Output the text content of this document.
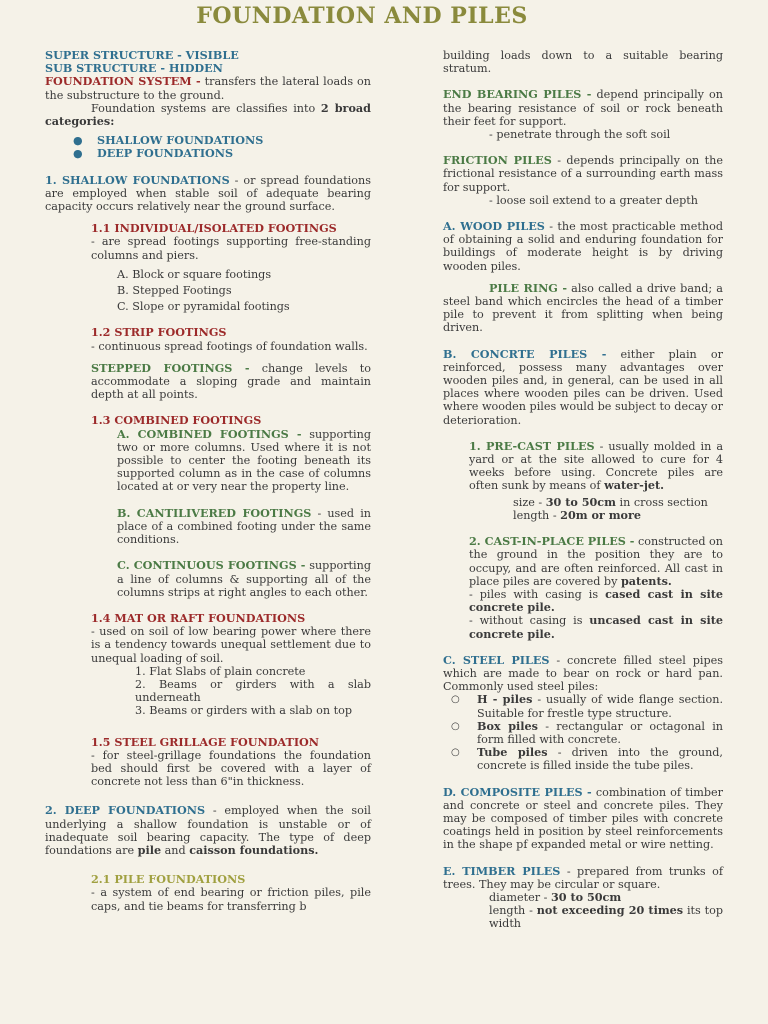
FOUNDATION AND PILES

SUPER STRUCTURE - VISIBLE

SUB STRUCTURE - HIDDEN

FOUNDATION SYSTEM - transfers the lateral loads on the substructure to the ground.

Foundation systems are classifies into 2 broad categories:

● SHALLOW FOUNDATIONS
● DEEP FOUNDATIONS

1. SHALLOW FOUNDATIONS - or spread foundations are employed when stable soil of adequate bearing capacity occurs relatively near the ground surface.

1.1 INDIVIDUAL/ISOLATED FOOTINGS

- are spread footings supporting free-standing columns and piers.

A. Block or square footings
B. Stepped Footings
C. Slope or pyramidal footings

1.2 STRIP FOOTINGS

- continuous spread footings of foundation walls.

STEPPED FOOTINGS - change levels to accommodate a sloping grade and maintain depth at all points.

1.3 COMBINED FOOTINGS

A. COMBINED FOOTINGS - supporting two or more columns. Used where it is not possible to center the footing beneath its supported column as in the case of columns located at or very near the property line.

B. CANTILIVERED FOOTINGS - used in place of a combined footing under the same conditions.

C. CONTINUOUS FOOTINGS - supporting a line of columns & supporting all of the columns strips at right angles to each other.

1.4 MAT OR RAFT FOUNDATIONS

- used on soil of low bearing power where there is a tendency towards unequal settlement due to unequal loading of soil.

1. Flat Slabs of plain concrete
2. Beams or girders with a slab underneath
3. Beams or girders with a slab on top

1.5 STEEL GRILLAGE FOUNDATION

- for steel-grillage foundations the foundation bed should first be covered with a layer of concrete not less than 6"in thickness.

2. DEEP FOUNDATIONS - employed when the soil underlying a shallow foundation is unstable or of inadequate soil bearing capacity. The type of deep foundations are pile and caisson foundations.

2.1 PILE FOUNDATIONS

- a system of end bearing or friction piles, pile caps, and tie beams for transferring b

building loads down to a suitable bearing stratum.

END BEARING PILES - depend principally on the bearing resistance of soil or rock beneath their feet for support.

- penetrate through the soft soil

FRICTION PILES - depends principally on the frictional resistance of a surrounding earth mass for support.

- loose soil extend to a greater depth

A. WOOD PILES - the most practicable method of obtaining a solid and enduring foundation for buildings of moderate height is by driving wooden piles.

PILE RING - also called a drive band; a steel band which encircles the head of a timber pile to prevent it from splitting when being driven.

B. CONCRTE PILES - either plain or reinforced, possess many advantages over wooden piles and, in general, can be used in all places where wooden piles can be driven. Used where wooden piles would be subject to decay or deterioration.

1. PRE-CAST PILES - usually molded in a yard or at the site allowed to cure for 4 weeks before using. Concrete piles are often sunk by means of water-jet.

size - 30 to 50cm in cross section

length - 20m or more

2. CAST-IN-PLACE PILES - constructed on the ground in the position they are to occupy, and are often reinforced. All cast in place piles are covered by patents.

- piles with casing is cased cast in site concrete pile.

- without casing is uncased cast in site concrete pile.

C. STEEL PILES - concrete filled steel pipes which are made to bear on rock or hard pan. Commonly used steel piles:

○ H - piles - usually of wide flange section. Suitable for frestle type structure.
○ Box piles - rectangular or octagonal in form filled with concrete.
○ Tube piles - driven into the ground, concrete is filled inside the tube piles.

D. COMPOSITE PILES - combination of timber and concrete or steel and concrete piles. They may be composed of timber piles with concrete coatings held in position by steel reinforcements in the shape pf expanded metal or wire netting.

E. TIMBER PILES - prepared from trunks of trees. They may be circular or square.

diameter - 30 to 50cm

length - not exceeding 20 times its top width
